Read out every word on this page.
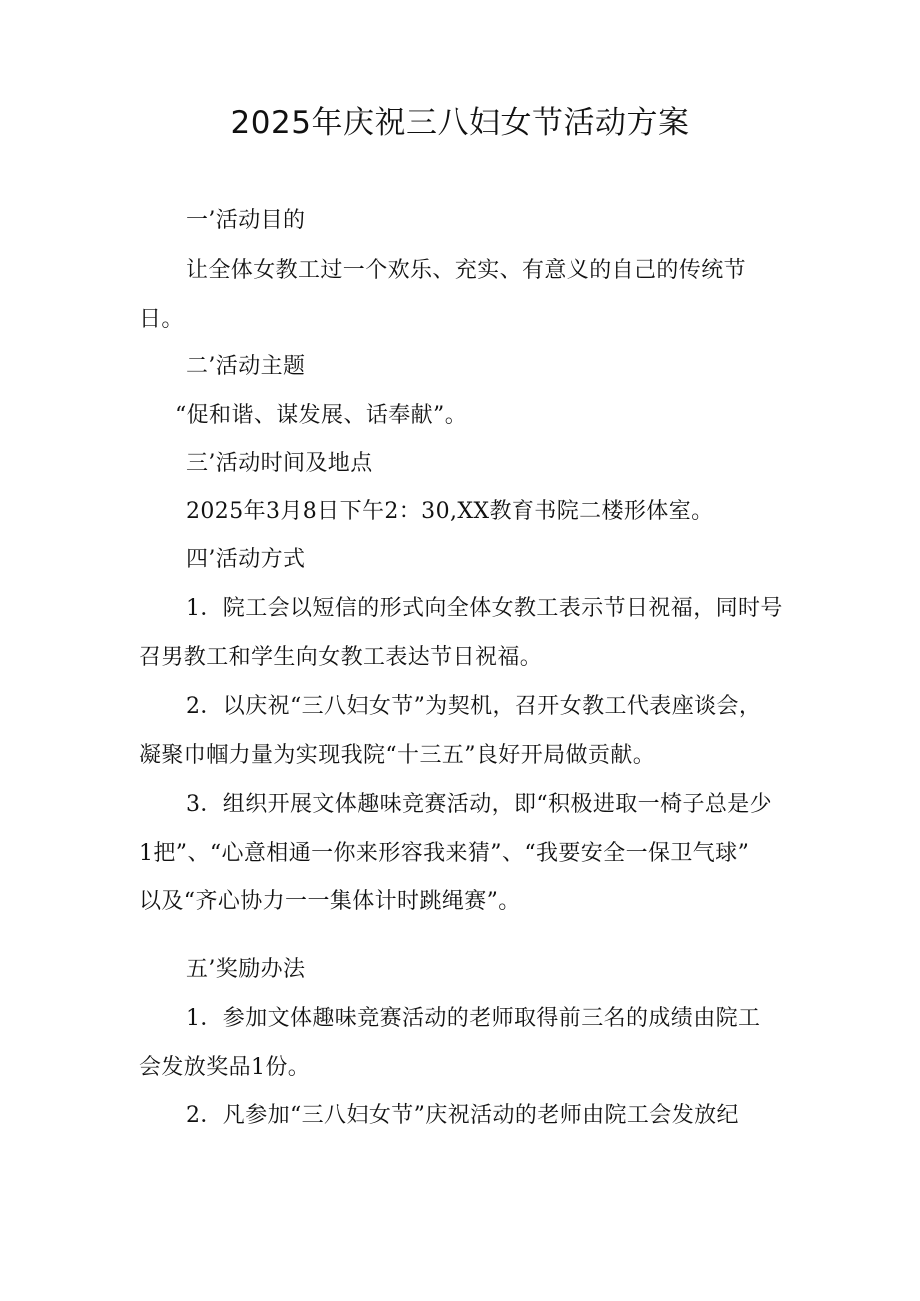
2025年庆祝三八妇女节活动方案

一’活动目的

让全体女教工过一个欢乐、充实、有意义的自己的传统节

日。

二’活动主题

“促和谐、谋发展、话奉献”。

三’活动时间及地点

2025年3月8日下午2：30,XX教育书院二楼形体室。

四’活动方式

1．院工会以短信的形式向全体女教工表示节日祝福，同时号

召男教工和学生向女教工表达节日祝福。

2．以庆祝“三八妇女节”为契机，召开女教工代表座谈会，

凝聚巾帼力量为实现我院“十三五”良好开局做贡献。

3．组织开展文体趣味竞赛活动，即“积极进取一椅子总是少

1把”、“心意相通一你来形容我来猜”、“我要安全一保卫气球”

以及“齐心协力一一集体计时跳绳赛”。

五’奖励办法

1．参加文体趣味竞赛活动的老师取得前三名的成绩由院工

会发放奖品1份。

2．凡参加“三八妇女节”庆祝活动的老师由院工会发放纪
